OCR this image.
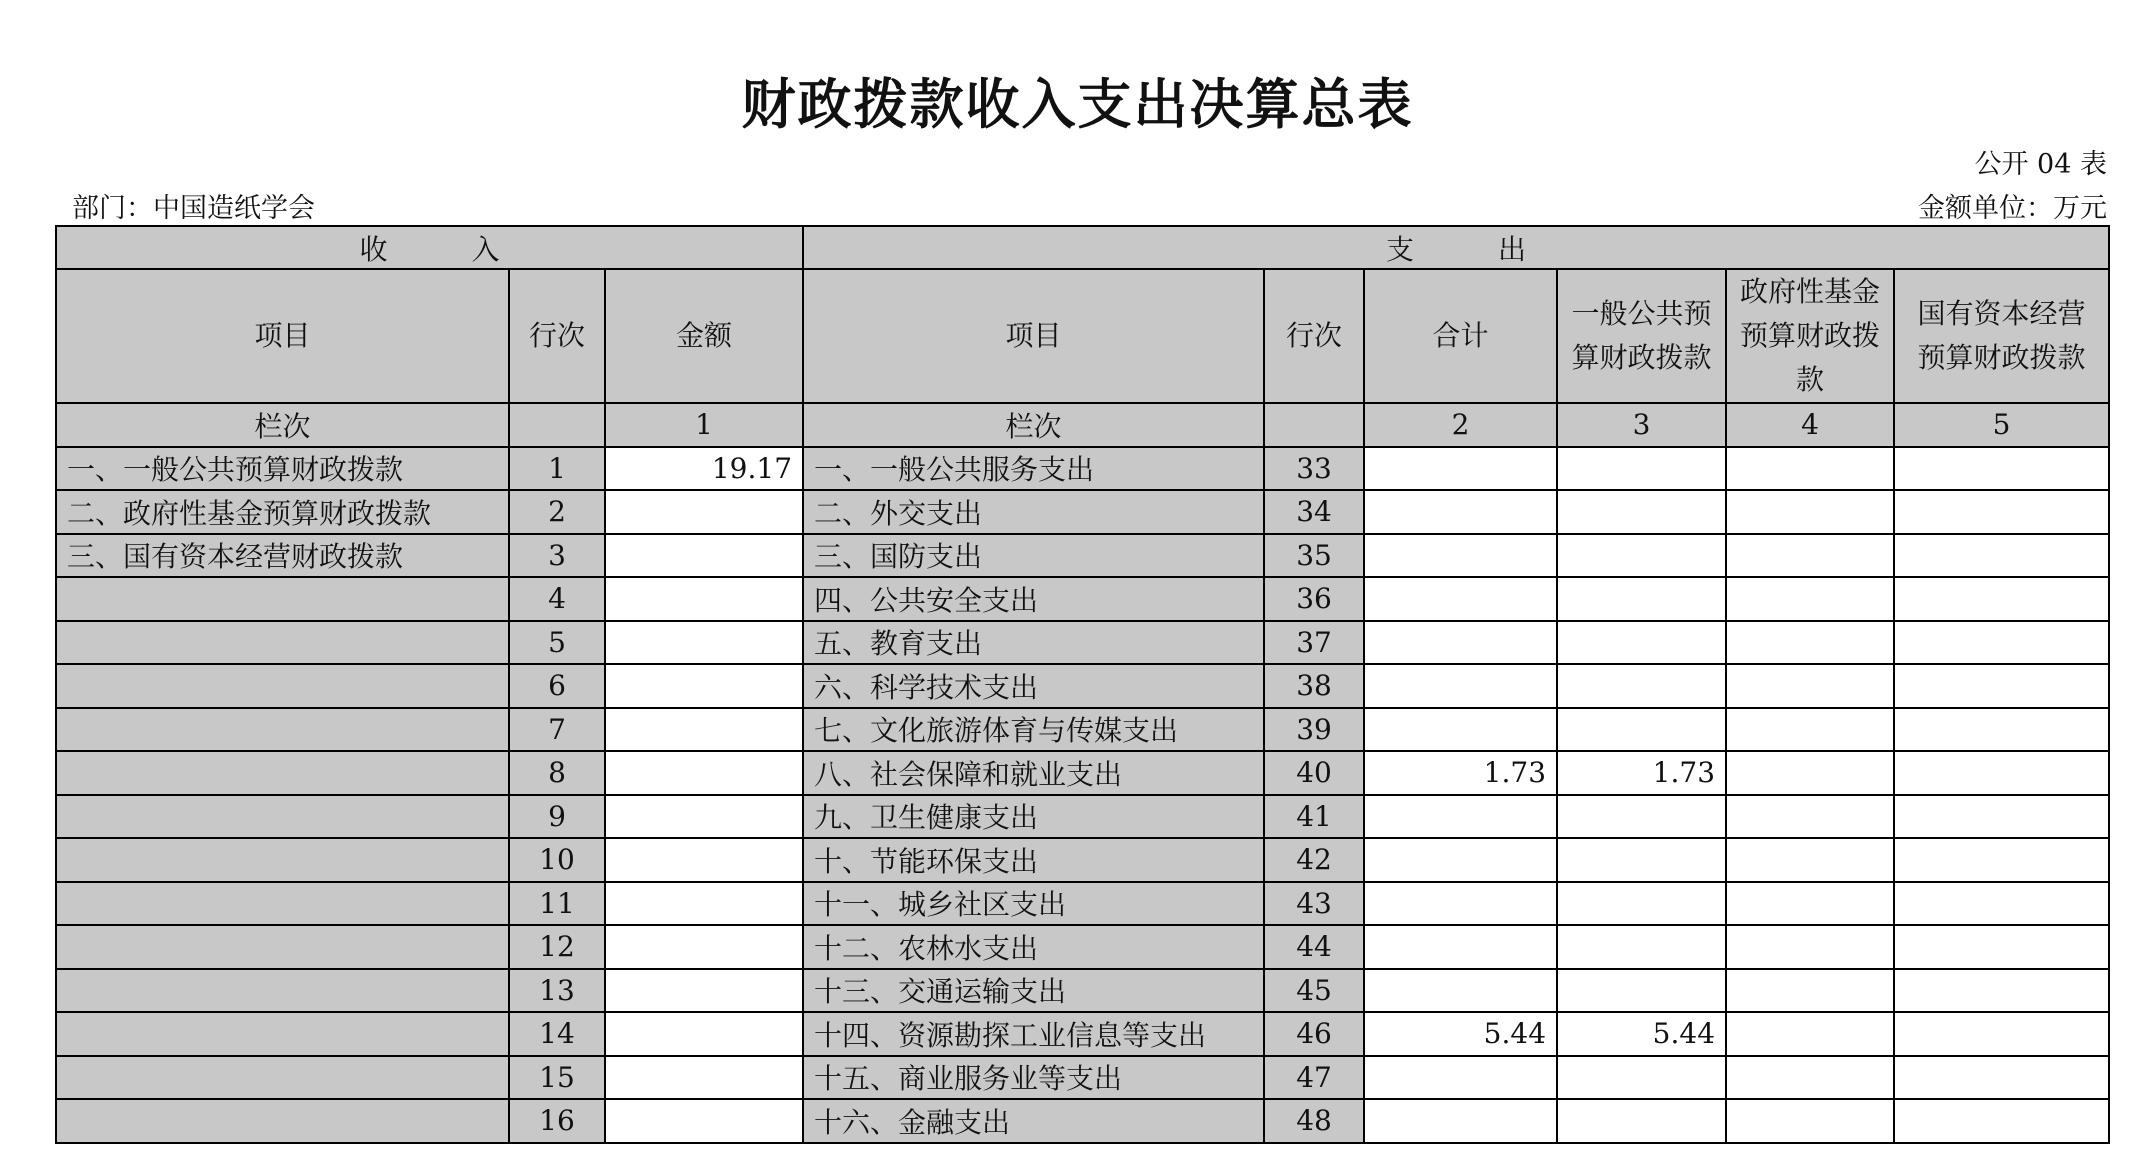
财政拨款收入支出决算总表
公开 04 表
部门：中国造纸学会	金额单位：万元
收　　　入			支　　　出					
项目	行次	金额	项目	行次	合计	一般公共预算财政拨款	政府性基金预算财政拨款	国有资本经营预算财政拨款
栏次		1	栏次		2	3	4	5
一、一般公共预算财政拨款	1	19.17	一、一般公共服务支出	33				
二、政府性基金预算财政拨款	2		二、外交支出	34				
三、国有资本经营财政拨款	3		三、国防支出	35				
	4		四、公共安全支出	36				
	5		五、教育支出	37				
	6		六、科学技术支出	38				
	7		七、文化旅游体育与传媒支出	39				
	8		八、社会保障和就业支出	40	1.73	1.73		
	9		九、卫生健康支出	41				
	10		十、节能环保支出	42				
	11		十一、城乡社区支出	43				
	12		十二、农林水支出	44				
	13		十三、交通运输支出	45				
	14		十四、资源勘探工业信息等支出	46	5.44	5.44		
	15		十五、商业服务业等支出	47				
	16		十六、金融支出	48				
